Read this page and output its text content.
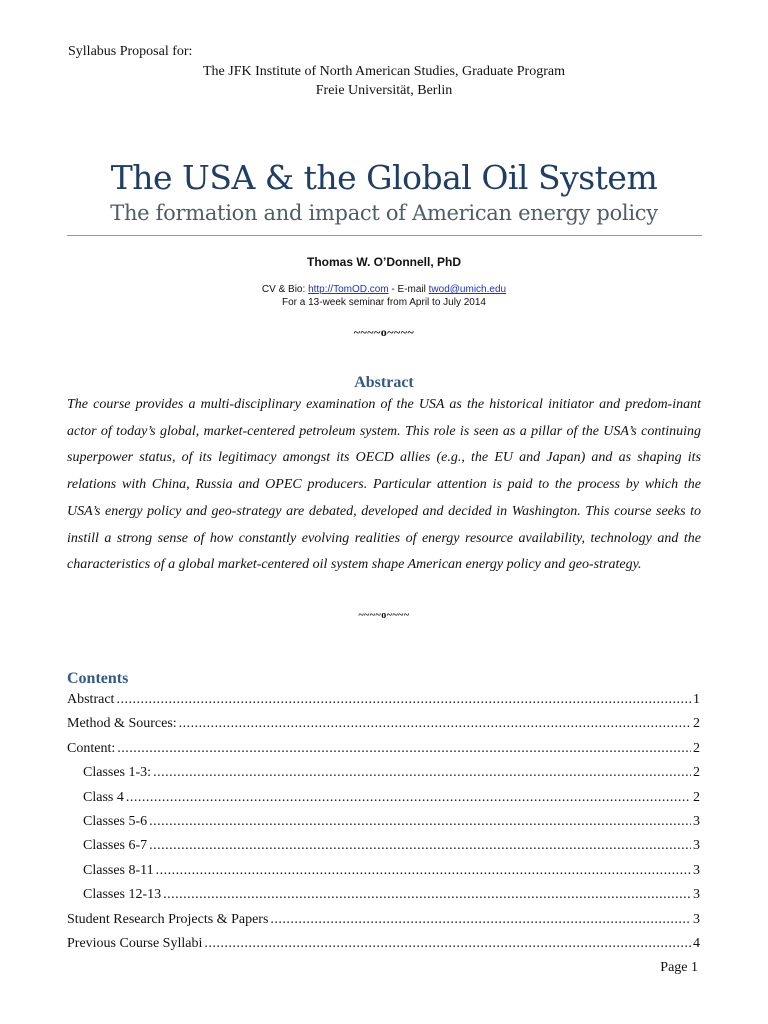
Syllabus Proposal for:
The JFK Institute of North American Studies, Graduate Program
Freie Universität, Berlin
The USA & the Global Oil System
The formation and impact of American energy policy
Thomas W. O’Donnell, PhD
CV & Bio: http://TomOD.com - E-mail twod@umich.edu
For a 13-week seminar from April to July 2014
~~~~o~~~~
Abstract
The course provides a multi-disciplinary examination of the USA as the historical initiator and predom-inant actor of today’s global, market-centered petroleum system. This role is seen as a pillar of the USA’s continuing superpower status, of its legitimacy amongst its OECD allies (e.g., the EU and Japan) and as shaping its relations with China, Russia and OPEC producers. Particular attention is paid to the process by which the USA’s energy policy and geo-strategy are debated, developed and decided in Washington. This course seeks to instill a strong sense of how constantly evolving realities of energy resource availability, technology and the characteristics of a global market-centered oil system shape American energy policy and geo-strategy.
~~~~o~~~~
Contents
Abstract .....	1
Method & Sources: .....	2
Content: .....	2
Classes 1-3: .....	2
Class 4 .....	2
Classes 5-6 .....	3
Classes 6-7 .....	3
Classes 8-11 .....	3
Classes 12-13 .....	3
Student Research Projects & Papers .....	3
Previous Course Syllabi .....	4
Page 1
